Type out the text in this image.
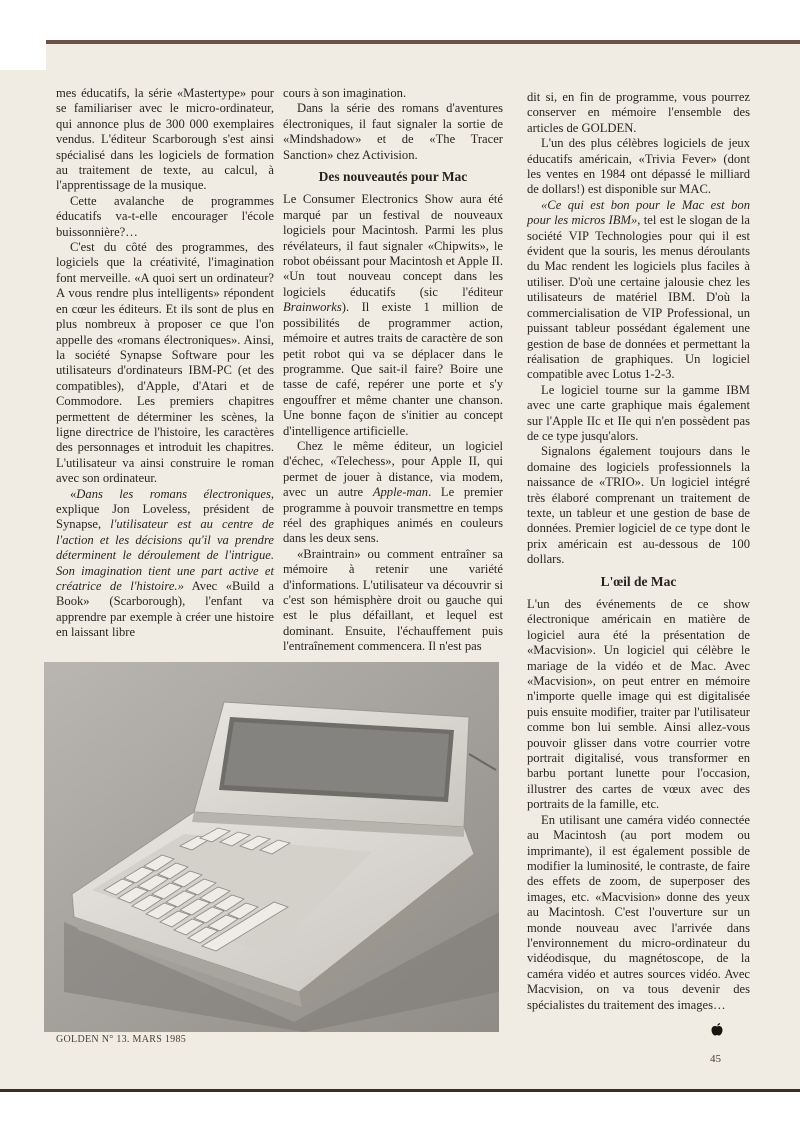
mes éducatifs, la série «Mastertype» pour se familiariser avec le micro-ordinateur, qui annonce plus de 300 000 exemplaires vendus. L'éditeur Scarborough s'est ainsi spécialisé dans les logiciels de formation au traitement de texte, au calcul, à l'apprentissage de la musique.

Cette avalanche de programmes éducatifs va-t-elle encourager l'école buissonnière?…

C'est du côté des programmes, des logiciels que la créativité, l'imagination font merveille. «A quoi sert un ordinateur? A vous rendre plus intelligents» répondent en cœur les éditeurs. Et ils sont de plus en plus nombreux à proposer ce que l'on appelle des «romans électroniques». Ainsi, la société Synapse Software pour les utilisateurs d'ordinateurs IBM-PC (et des compatibles), d'Apple, d'Atari et de Commodore. Les premiers chapitres permettent de déterminer les scènes, la ligne directrice de l'histoire, les caractères des personnages et introduit les chapitres. L'utilisateur va ainsi construire le roman avec son ordinateur.

«Dans les romans électroniques, explique Jon Loveless, président de Synapse, l'utilisateur est au centre de l'action et les décisions qu'il va prendre déterminent le déroulement de l'intrigue. Son imagination tient une part active et créatrice de l'histoire.» Avec «Build a Book» (Scarborough), l'enfant va apprendre par exemple à créer une histoire en laissant libre

cours à son imagination.

Dans la série des romans d'aventures électroniques, il faut signaler la sortie de «Mindshadow» et de «The Tracer Sanction» chez Activision.

Des nouveautés pour Mac

Le Consumer Electronics Show aura été marqué par un festival de nouveaux logiciels pour Macintosh. Parmi les plus révélateurs, il faut signaler «Chipwits», le robot obéissant pour Macintosh et Apple II. «Un tout nouveau concept dans les logiciels éducatifs (sic l'éditeur Brainworks). Il existe 1 million de possibilités de programmer action, mémoire et autres traits de caractère de son petit robot qui va se déplacer dans le programme. Que sait-il faire? Boire une tasse de café, repérer une porte et s'y engouffrer et même chanter une chanson. Une bonne façon de s'initier au concept d'intelligence artificielle.

Chez le même éditeur, un logiciel d'échec, «Telechess», pour Apple II, qui permet de jouer à distance, via modem, avec un autre Apple-man. Le premier programme à pouvoir transmettre en temps réel des graphiques animés en couleurs dans les deux sens.

«Braintrain» ou comment entraîner sa mémoire à retenir une variété d'informations. L'utilisateur va découvrir si c'est son hémisphère droit ou gauche qui est le plus défaillant, et lequel est dominant. Ensuite, l'échauffement puis l'entraînement commencera. Il n'est pas

dit si, en fin de programme, vous pourrez conserver en mémoire l'ensemble des articles de GOLDEN.

L'un des plus célèbres logiciels de jeux éducatifs américain, «Trivia Fever» (dont les ventes en 1984 ont dépassé le milliard de dollars!) est disponible sur MAC.

«Ce qui est bon pour le Mac est bon pour les micros IBM», tel est le slogan de la société VIP Technologies pour qui il est évident que la souris, les menus déroulants du Mac rendent les logiciels plus faciles à utiliser. D'où une certaine jalousie chez les utilisateurs de matériel IBM. D'où la commercialisation de VIP Professional, un puissant tableur possédant également une gestion de base de données et permettant la réalisation de graphiques. Un logiciel compatible avec Lotus 1-2-3.

Le logiciel tourne sur la gamme IBM avec une carte graphique mais également sur l'Apple IIc et IIe qui n'en possèdent pas de ce type jusqu'alors.

Signalons également toujours dans le domaine des logiciels professionnels la naissance de «TRIO». Un logiciel intégré très élaboré comprenant un traitement de texte, un tableur et une gestion de base de données. Premier logiciel de ce type dont le prix américain est au-dessous de 100 dollars.

L'œil de Mac

L'un des événements de ce show électronique américain en matière de logiciel aura été la présentation de «Macvision». Un logiciel qui célèbre le mariage de la vidéo et de Mac. Avec «Macvision», on peut entrer en mémoire n'importe quelle image qui est digitalisée puis ensuite modifier, traiter par l'utilisateur comme bon lui semble. Ainsi allez-vous pouvoir glisser dans votre courrier votre portrait digitalisé, vous transformer en barbu portant lunette pour l'occasion, illustrer des cartes de vœux avec des portraits de la famille, etc.

En utilisant une caméra vidéo connectée au Macintosh (au port modem ou imprimante), il est également possible de modifier la luminosité, le contraste, de faire des effets de zoom, de superposer des images, etc. «Macvision» donne des yeux au Macintosh. C'est l'ouverture sur un monde nouveau avec l'arrivée dans l'environnement du micro-ordinateur du vidéodisque, du magnétoscope, de la caméra vidéo et autres sources vidéo. Avec Macvision, on va tous devenir des spécialistes du traitement des images…

GOLDEN N° 13. MARS 1985
45
